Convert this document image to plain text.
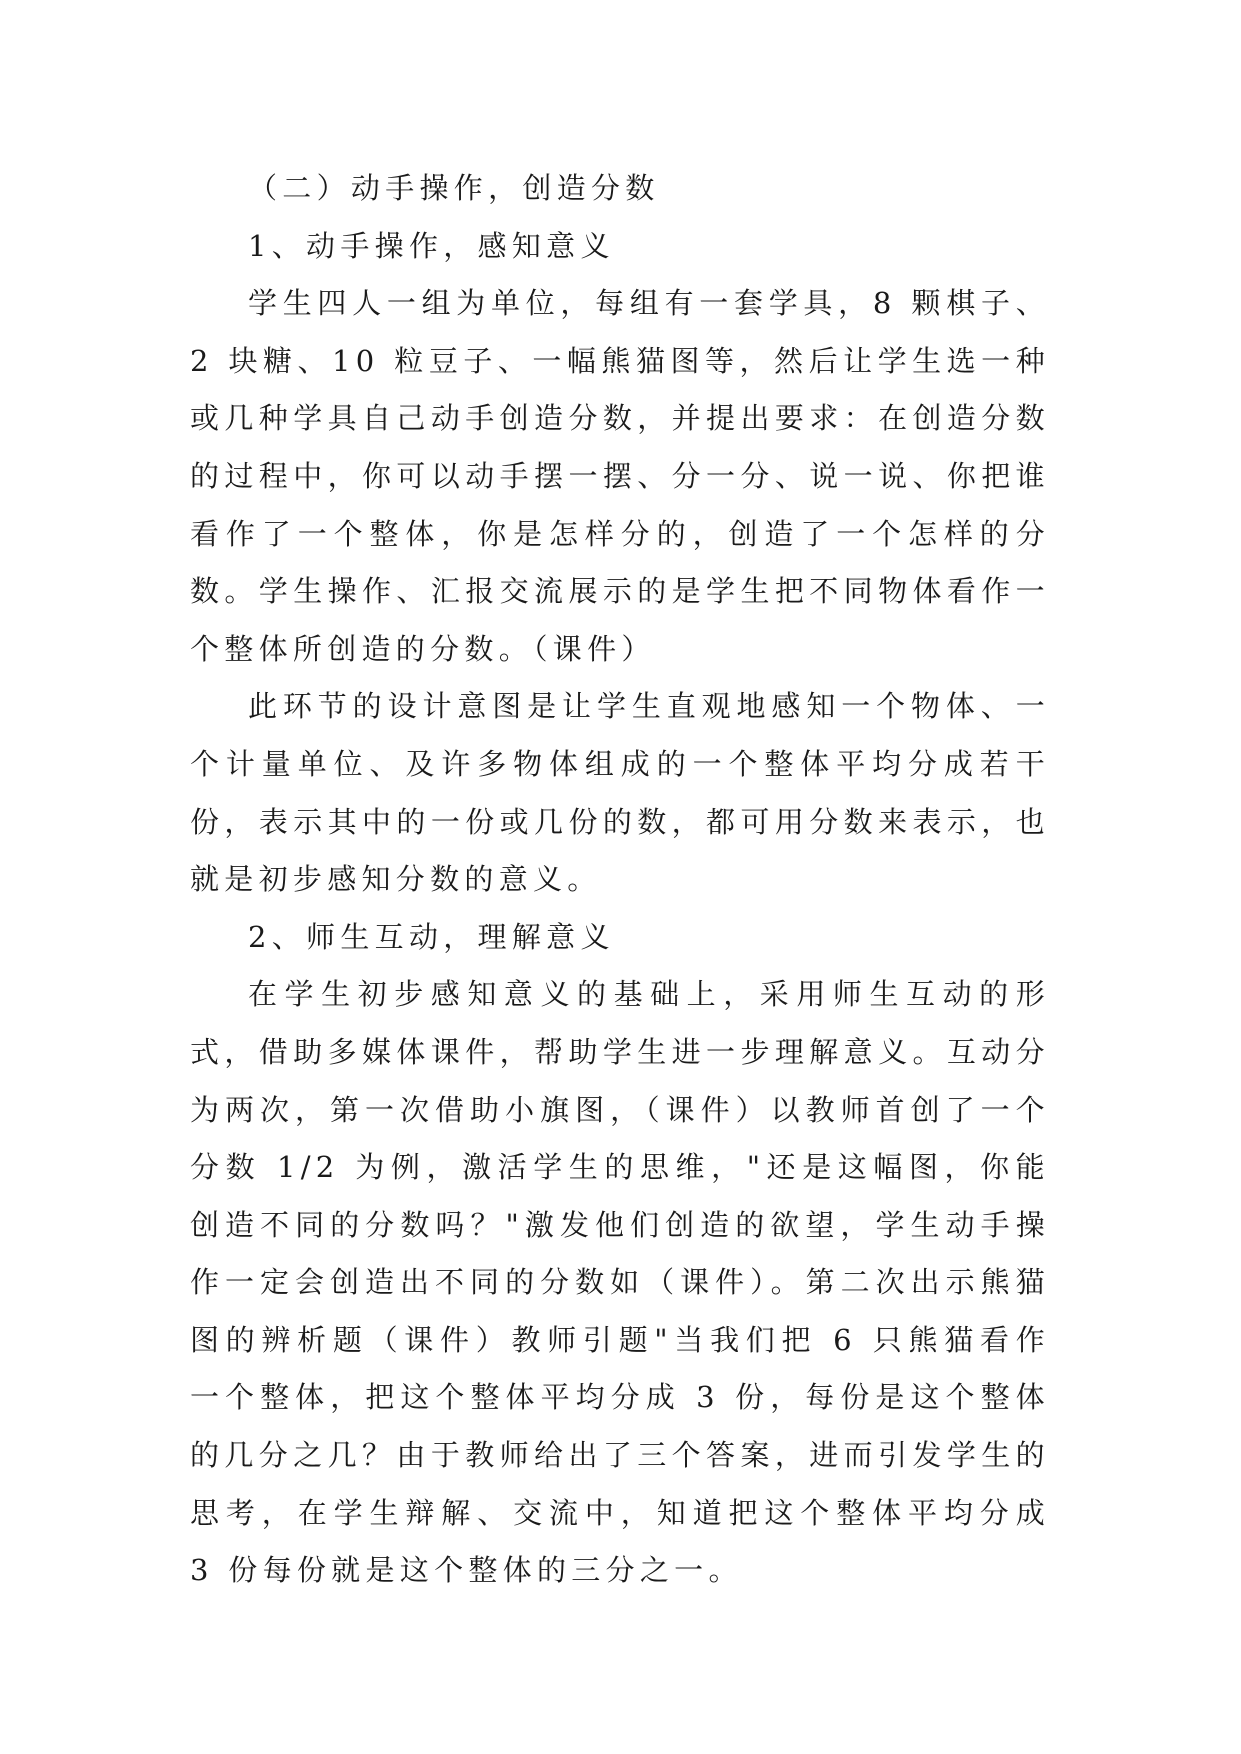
（二）动手操作，创造分数

1、动手操作，感知意义

学生四人一组为单位，每组有一套学具，8 颗棋子、2 块糖、10 粒豆子、一幅熊猫图等，然后让学生选一种或几种学具自己动手创造分数，并提出要求：在创造分数的过程中，你可以动手摆一摆、分一分、说一说、你把谁看作了一个整体，你是怎样分的，创造了一个怎样的分数。学生操作、汇报交流展示的是学生把不同物体看作一个整体所创造的分数。（课件）

此环节的设计意图是让学生直观地感知一个物体、一个计量单位、及许多物体组成的一个整体平均分成若干份，表示其中的一份或几份的数，都可用分数来表示，也就是初步感知分数的意义。

2、师生互动，理解意义

在学生初步感知意义的基础上，采用师生互动的形式，借助多媒体课件，帮助学生进一步理解意义。互动分为两次，第一次借助小旗图，（课件）以教师首创了一个分数 1/2 为例，激活学生的思维，"还是这幅图，你能创造不同的分数吗？"激发他们创造的欲望，学生动手操作一定会创造出不同的分数如（课件）。第二次出示熊猫图的辨析题（课件）教师引题"当我们把 6 只熊猫看作一个整体，把这个整体平均分成 3 份，每份是这个整体的几分之几？由于教师给出了三个答案，进而引发学生的思考，在学生辩解、交流中，知道把这个整体平均分成 3 份每份就是这个整体的三分之一。
